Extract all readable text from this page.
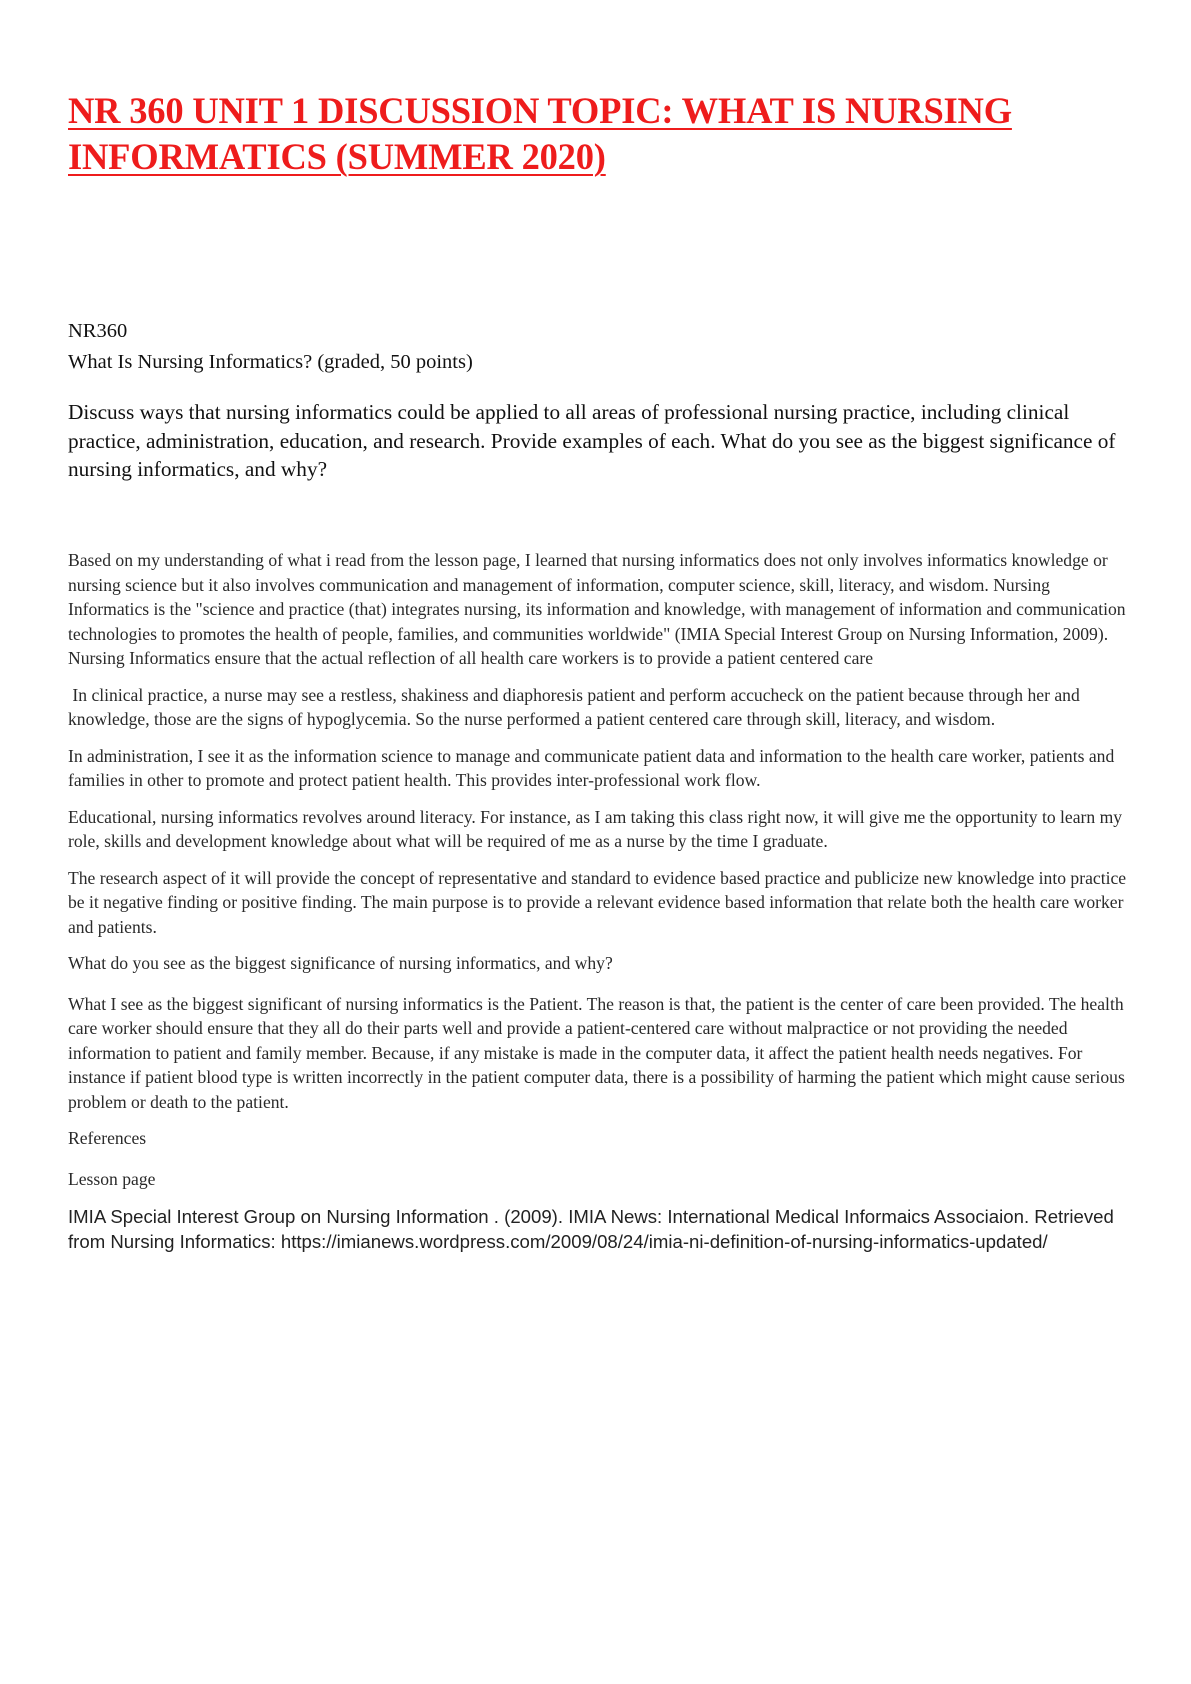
NR 360 UNIT 1 DISCUSSION TOPIC: WHAT IS NURSING INFORMATICS (SUMMER 2020)
NR360
What Is Nursing Informatics? (graded, 50 points)

Discuss ways that nursing informatics could be applied to all areas of professional nursing practice, including clinical practice, administration, education, and research. Provide examples of each. What do you see as the biggest significance of nursing informatics, and why?

Based on my understanding of what i read from the lesson page, I learned that nursing informatics does not only involves informatics knowledge or nursing science but it also involves communication and management of information, computer science, skill, literacy, and wisdom. Nursing Informatics is the "science and practice (that) integrates nursing, its information and knowledge, with management of information and communication technologies to promotes the health of people, families, and communities worldwide" (IMIA Special Interest Group on Nursing Information, 2009). Nursing Informatics ensure that the actual reflection of all health care workers is to provide a patient centered care

In clinical practice, a nurse may see a restless, shakiness and diaphoresis patient and perform accucheck on the patient because through her and knowledge, those are the signs of hypoglycemia. So the nurse performed a patient centered care through skill, literacy, and wisdom.

In administration, I see it as the information science to manage and communicate patient data and information to the health care worker, patients and families in other to promote and protect patient health. This provides inter-professional work flow.

Educational, nursing informatics revolves around literacy. For instance, as I am taking this class right now, it will give me the opportunity to learn my role, skills and development knowledge about what will be required of me as a nurse by the time I graduate.

The research aspect of it will provide the concept of representative and standard to evidence based practice and publicize new knowledge into practice be it negative finding or positive finding. The main purpose is to provide a relevant evidence based information that relate both the health care worker and patients.

What do you see as the biggest significance of nursing informatics, and why?

What I see as the biggest significant of nursing informatics is the Patient. The reason is that, the patient is the center of care been provided. The health care worker should ensure that they all do their parts well and provide a patient-centered care without malpractice or not providing the needed information to patient and family member. Because, if any mistake is made in the computer data, it affect the patient health needs negatives. For instance if patient blood type is written incorrectly in the patient computer data, there is a possibility of harming the patient which might cause serious problem or death to the patient.

References

Lesson page

IMIA Special Interest Group on Nursing Information . (2009). IMIA News: International Medical Informaics Associaion. Retrieved from Nursing Informatics: https://imianews.wordpress.com/2009/08/24/imia-ni-definition-of-nursing-informatics-updated/
